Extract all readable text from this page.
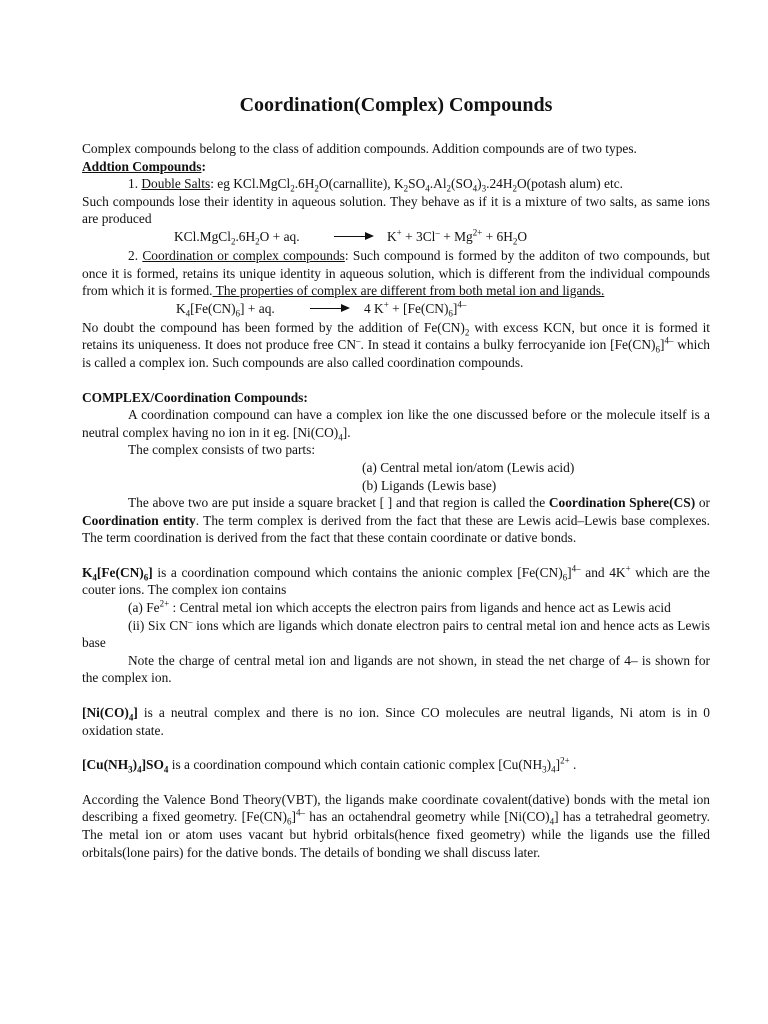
Coordination(Complex) Compounds

Complex compounds belong to the class of addition compounds. Addition compounds are of two types.

Addtion Compounds:

1. Double Salts: eg $KCl.MgCl_2.6H_2O(carnallite)$, $K_2SO_4.Al_2(SO_4)_3.24H_2O(potash$ alum) etc.

Such compounds lose their identity in aqueous solution. They behave as if it is a mixture of two salts, as same ions are produced

$KCl.MgCl_2.6H_2O$ + aq.	→ $K^+ + 3Cl^- + Mg^{2+} + 6H_2O$

2. Coordination or complex compounds: Such compound is formed by the additon of two compounds, but once it is formed, retains its unique identity in aqueous solution, which is different from the individual compounds from which it is formed. The properties of complex are different from both metal ion and ligands.

$K_4[Fe(CN)_6]$ + aq.	→ 4 $K^+ + [Fe(CN)_6]^{4-}$

No doubt the compound has been formed by the addition of $Fe(CN)_2$ with excess KCN, but once it is formed it retains its uniqueness. It does not produce free CN–. In stead it contains a bulky ferrocyanide ion $[Fe(CN)_6]^{4-}$ which is called a complex ion. Such compounds are also called coordination compounds.

COMPLEX/Coordination Compounds:

A coordination compound can have a complex ion like the one discussed before or the molecule itself is a neutral complex having no ion in it eg. $[Ni(CO)_4]$.

The complex consists of two parts:

(a) Central metal ion/atom (Lewis acid)

(b) Ligands (Lewis base)

The above two are put inside a square bracket [ ] and that region is called the Coordination Sphere(CS) or Coordination entity. The term complex is derived from the fact that these are Lewis acid–Lewis base complexes. The term coordination is derived from the fact that these contain coordinate or dative bonds.

$K_4[Fe(CN)_6]$ is a coordination compound which contains the anionic complex $[Fe(CN)_6]^{4-}$ and 4K+ which are the couter ions. The complex ion contains

(a) $Fe^{2+}$ : Central metal ion which accepts the electron pairs from ligands and hence act as Lewis acid

(ii) Six CN– ions which are ligands which donate electron pairs to central metal ion and hence acts as Lewis base

Note the charge of central metal ion and ligands are not shown, in stead the net charge of 4– is shown for the complex ion.

$[Ni(CO)_4]$ is a neutral complex and there is no ion. Since CO molecules are neutral ligands, Ni atom is in 0 oxidation state.

$[Cu(NH_3)_4]SO_4$ is a coordination compound which contain cationic complex $[Cu(NH_3)_4]^{2+}$ .

According the Valence Bond Theory(VBT), the ligands make coordinate covalent(dative) bonds with the metal ion describing a fixed geometry. $[Fe(CN)_6]^{4-}$ has an octahendral geometry while $[Ni(CO)_4]$ has a tetrahedral geometry. The metal ion or atom uses vacant but hybrid orbitals(hence fixed geometry) while the ligands use the filled orbitals(lone pairs) for the dative bonds. The details of bonding we shall discuss later.
